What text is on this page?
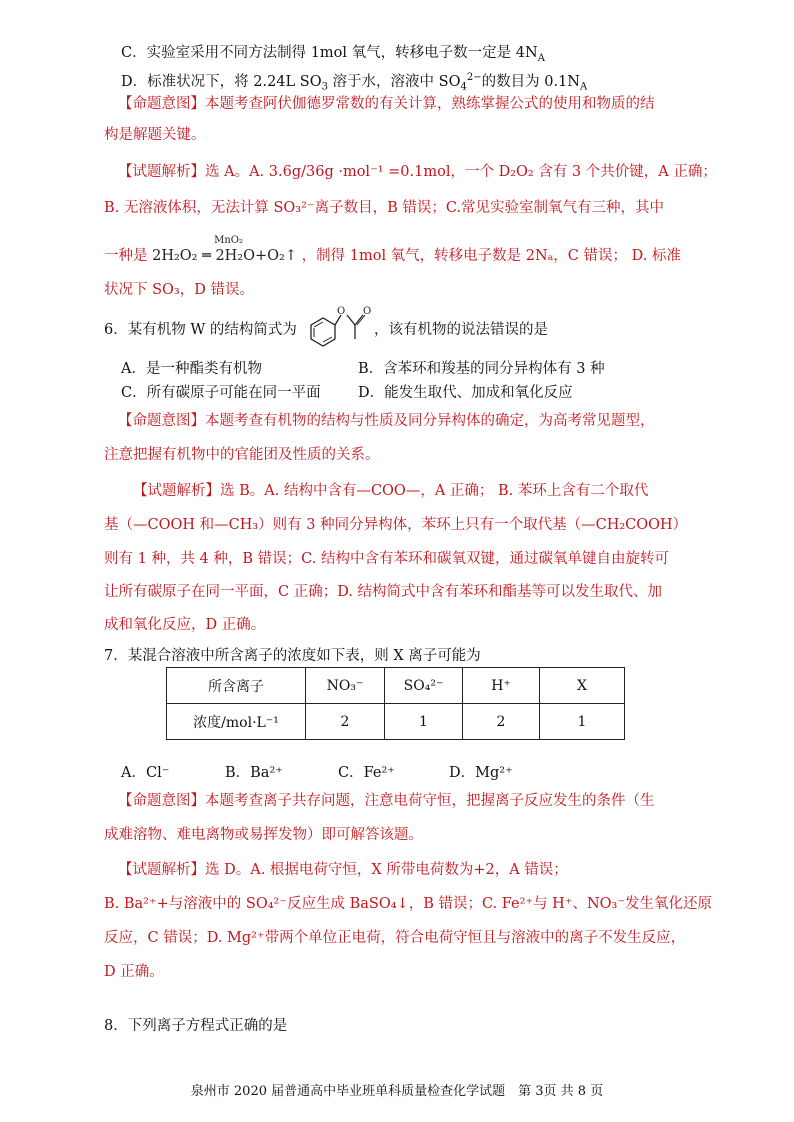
C．实验室采用不同方法制得 1mol 氧气，转移电子数一定是 $4N_A$
D．标准状况下，将 2.24L $SO_3$ 溶于水，溶液中 $SO_4^{2-}$的数目为 $0.1N_A$
【命题意图】本题考查阿伏伽德罗常数的有关计算，熟练掌握公式的使用和物质的结
构是解题关键。
【试题解析】选 A。A. 3.6g/36g ·mol⁻¹ =0.1mol，一个 D₂O₂ 含有 3 个共价键，A 正确；
B. 无溶液体积，无法计算 SO₃²⁻离子数目，B 错误；C.常见实验室制氧气有三种，其中
一种是
MnO₂
2H₂O₂ ═ 2H₂O+O₂↑ ，制得 1mol 氧气，转移电子数是 2Nₐ，C 错误； D. 标准
状况下 SO₃，D 错误。
6．某有机物 W 的结构简式为
O O
，该有机物的说法错误的是
A．是一种酯类有机物	B．含苯环和羧基的同分异构体有 3 种
C．所有碳原子可能在同一平面	D．能发生取代、加成和氧化反应
【命题意图】本题考查有机物的结构与性质及同分异构体的确定，为高考常见题型，
注意把握有机物中的官能团及性质的关系。
【试题解析】选 B。A. 结构中含有—COO—，A 正确； B. 苯环上含有二个取代
基（—COOH 和—CH₃）则有 3 种同分异构体，苯环上只有一个取代基（—CH₂COOH）
则有 1 种，共 4 种，B 错误；C. 结构中含有苯环和碳氧双键，通过碳氧单键自由旋转可
让所有碳原子在同一平面，C 正确；D. 结构简式中含有苯环和酯基等可以发生取代、加
成和氧化反应，D 正确。
7．某混合溶液中所含离子的浓度如下表，则 X 离子可能为
所含离子	NO₃⁻	SO₄²⁻	H⁺	X
浓度/mol·L⁻¹	2	1	2	1
A．Cl⁻	B．Ba²⁺	C．Fe²⁺	D．Mg²⁺
【命题意图】本题考查离子共存问题，注意电荷守恒，把握离子反应发生的条件（生
成难溶物、难电离物或易挥发物）即可解答该题。
【试题解析】选 D。A. 根据电荷守恒，X 所带电荷数为+2，A 错误；
B. Ba²⁺+与溶液中的 SO₄²⁻反应生成 BaSO₄↓，B 错误；C. Fe²⁺与 H⁺、NO₃⁻发生氧化还原
反应，C 错误；D. Mg²⁺带两个单位正电荷，符合电荷守恒且与溶液中的离子不发生反应，
D 正确。
8．下列离子方程式正确的是
泉州市 2020 届普通高中毕业班单科质量检查化学试题　第 3页 共 8 页
